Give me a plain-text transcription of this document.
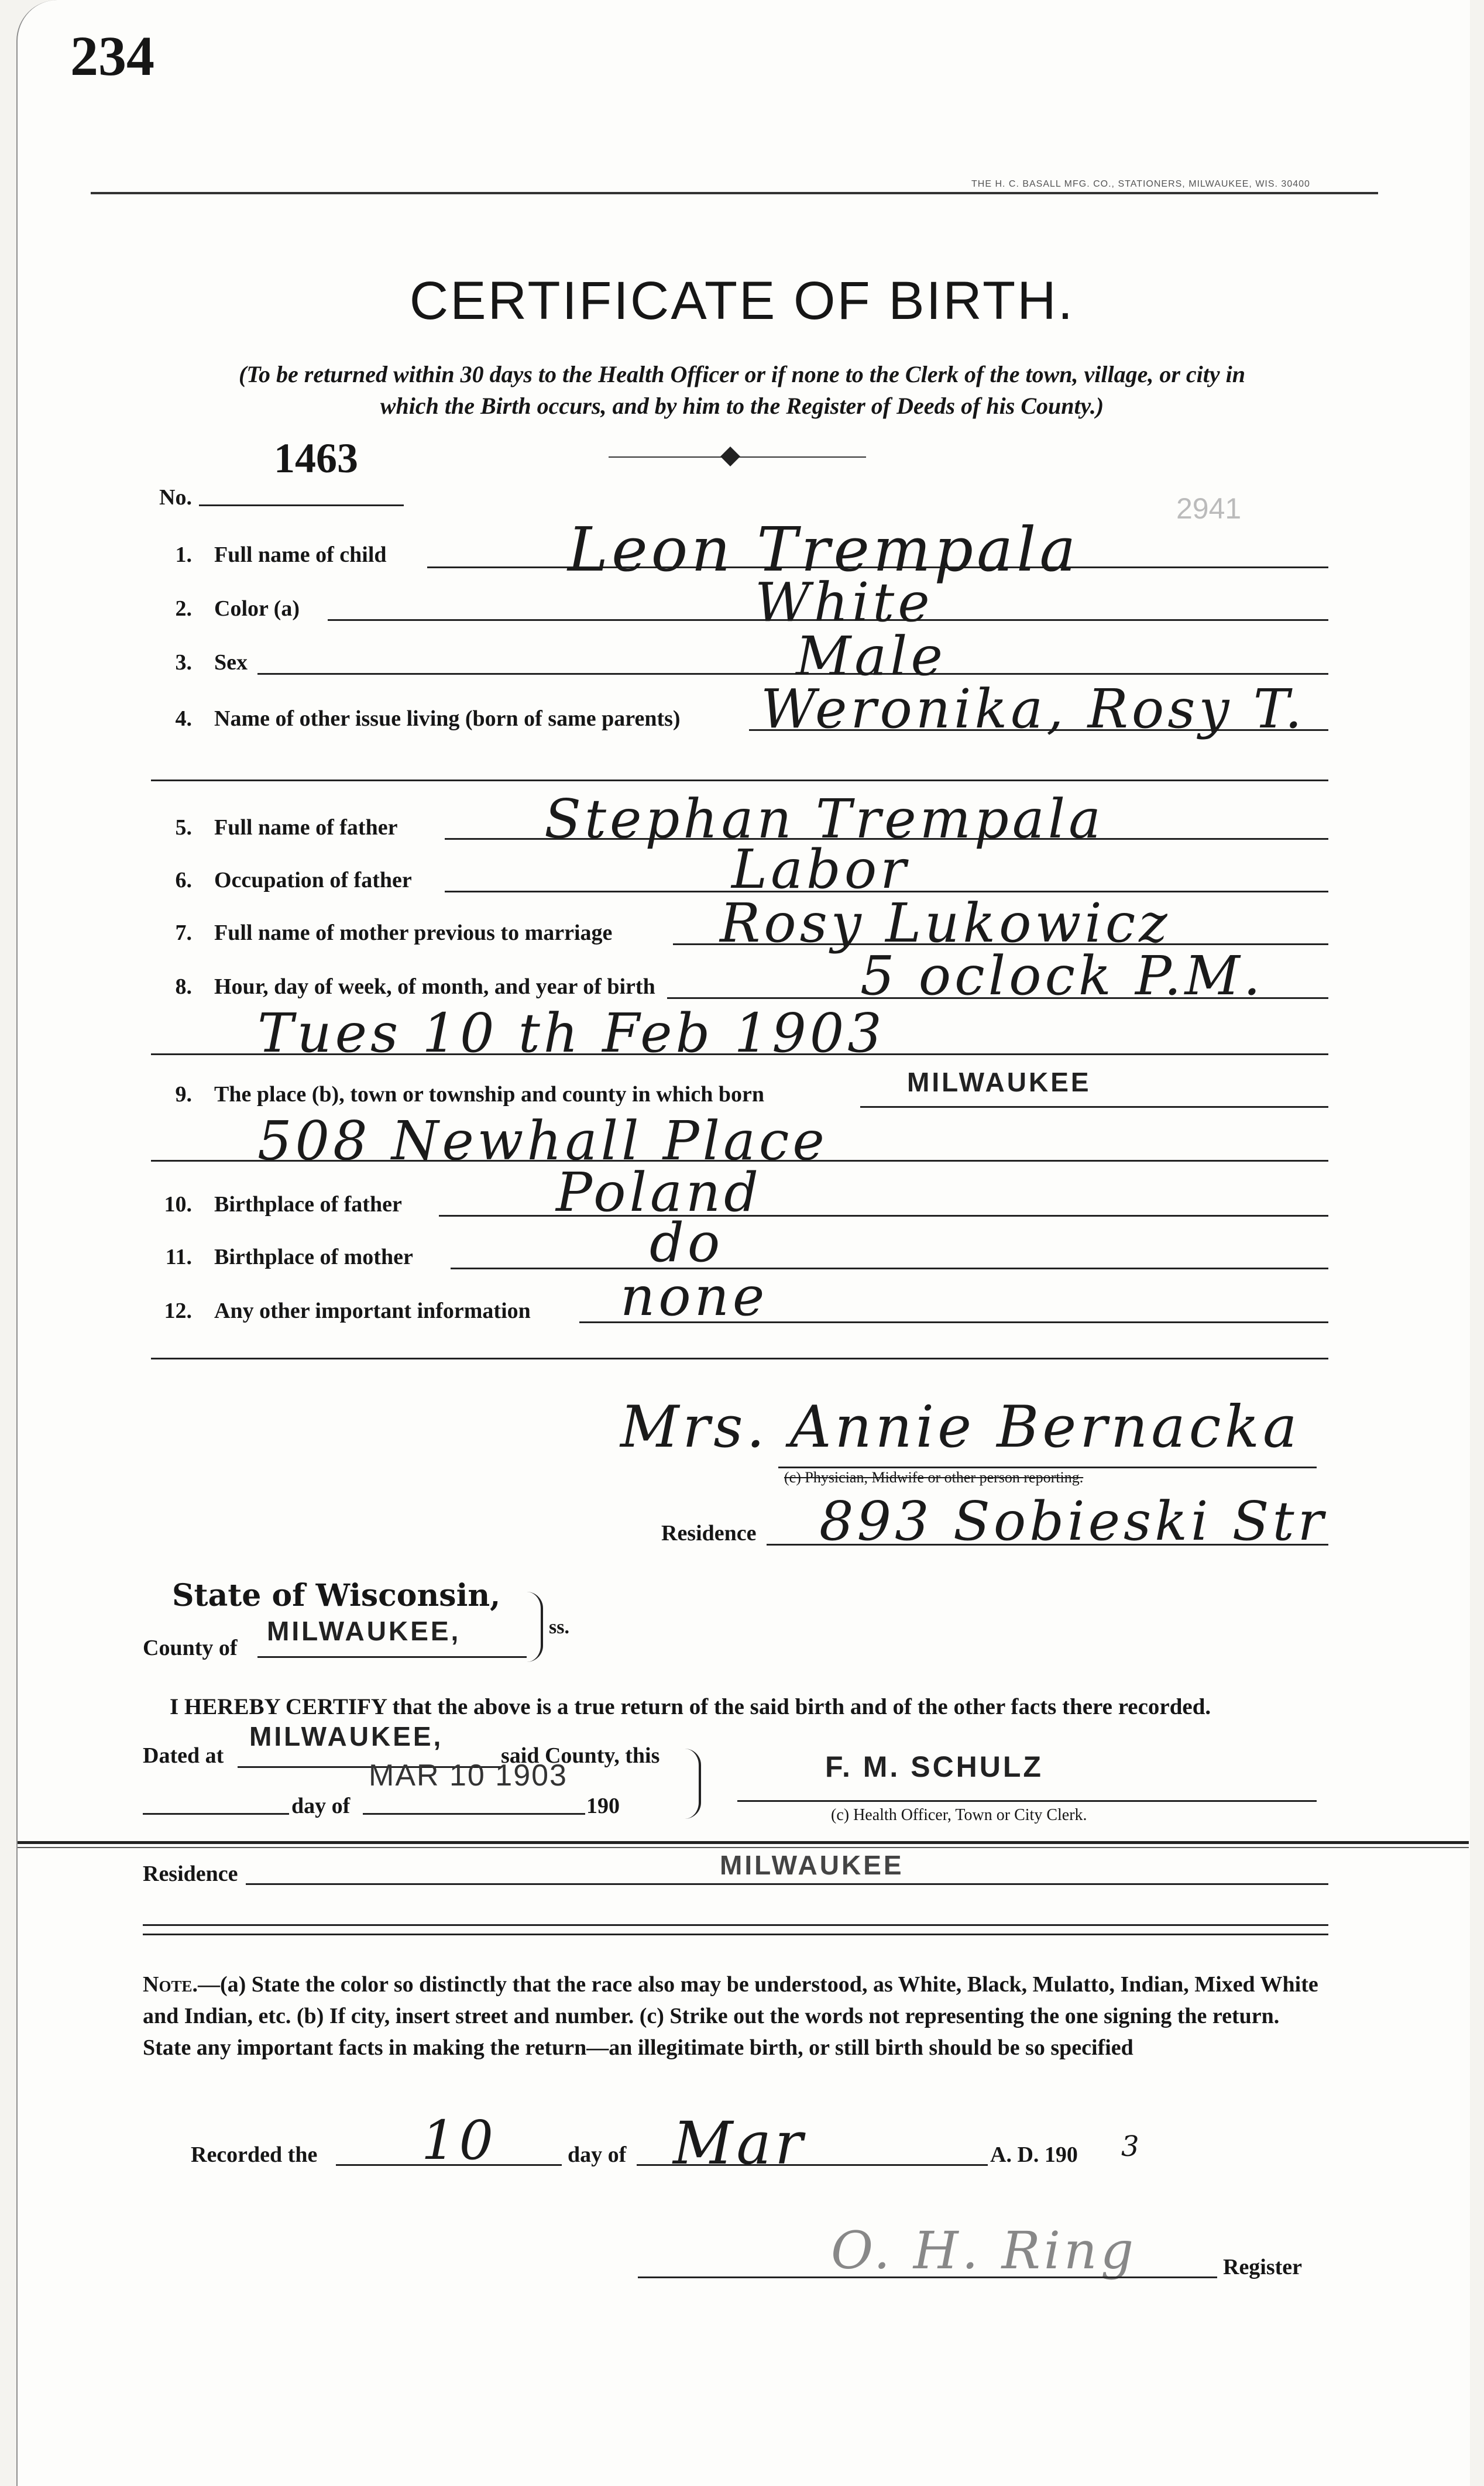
234
THE H. C. BASALL MFG. CO., STATIONERS, MILWAUKEE, WIS. 30400
CERTIFICATE OF BIRTH.
(To be returned within 30 days to the Health Officer or if none to the Clerk of the town, village, or city in
which the Birth occurs, and by him to the Register of Deeds of his County.)
1463
No.	2941
1. Full name of child	Leon Trempala
2. Color (a)	White
3. Sex	Male
4. Name of other issue living (born of same parents) Weronika, Rosy T.
5. Full name of father	Stephan Trempala
6. Occupation of father	Labor
7. Full name of mother previous to marriage Rosy Lukowicz
8. Hour, day of week, of month, and year of birth	5 oclock P.M.
Tues 10 th Feb 1903
9. The place (b), town or township and county in which born	MILWAUKEE
508 Newhall Place
10. Birthplace of father	Poland
11. Birthplace of mother	do
12. Any other important information none
Mrs. Annie Bernacka
(c) Physician, Midwife or other person reporting.
Residence 893 Sobieski Str
State of Wisconsin,
County of
MILWAUKEE,	ss.
I HEREBY CERTIFY that the above is a true return of the said birth and of the other facts there recorded.
Dated at
MILWAUKEE,
said County, this
MAR 10 1903
day of	190
F. M. SCHULZ
(c) Health Officer, Town or City Clerk.
Residence	MILWAUKEE
Note.—(a) State the color so distinctly that the race also may be understood, as White, Black, Mulatto, Indian, Mixed White and Indian, etc. (b) If city, insert street and number. (c) Strike out the words not representing the one signing the return. State any important facts in making the return—an illegitimate birth, or still birth should be so specified
Recorded the 10	day of Mar	A. D. 190 3
O. H. Ring	Register
